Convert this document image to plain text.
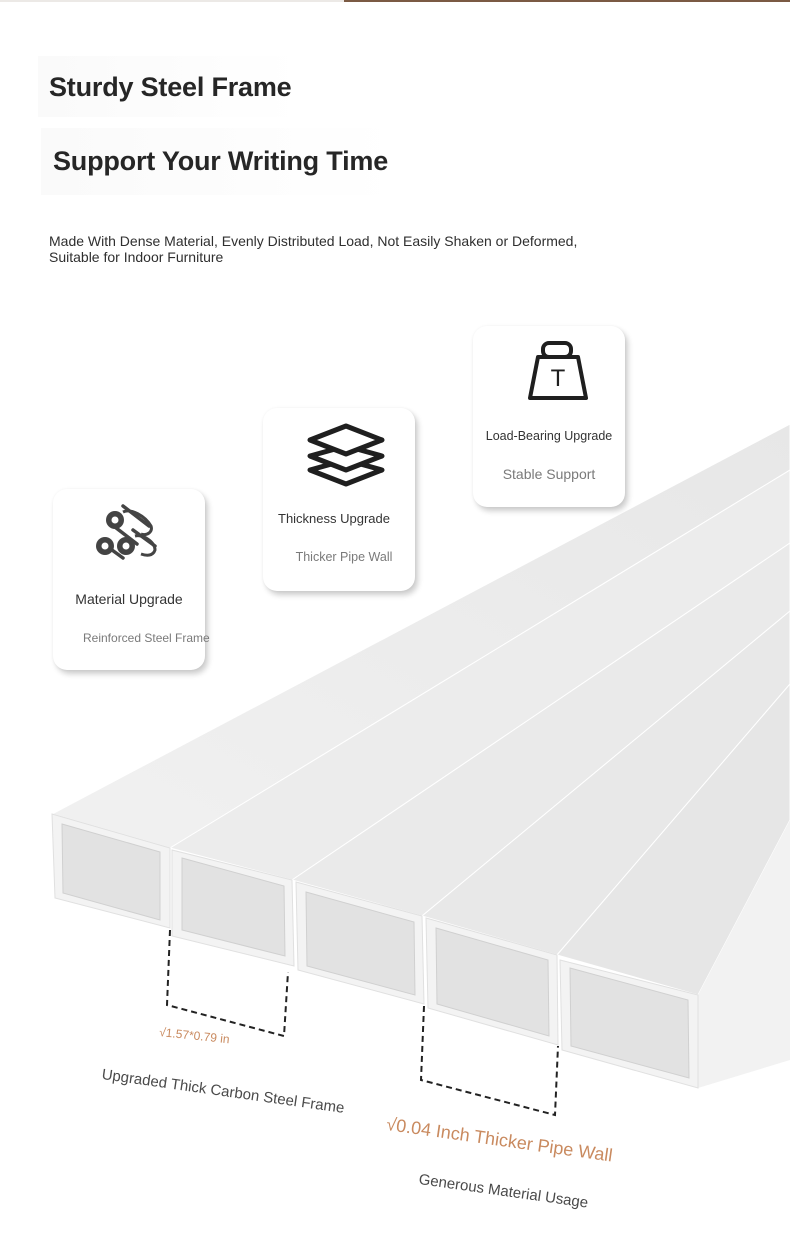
Sturdy Steel Frame
Support Your Writing Time
Made With Dense Material, Evenly Distributed Load, Not Easily Shaken or Deformed, Suitable for Indoor Furniture
Material Upgrade
Reinforced Steel Frame
Thickness Upgrade
Thicker Pipe Wall
T
Load-Bearing Upgrade
Stable Support
√1.57*0.79 in
Upgraded Thick Carbon Steel Frame
√0.04 Inch Thicker Pipe Wall
Generous Material Usage
